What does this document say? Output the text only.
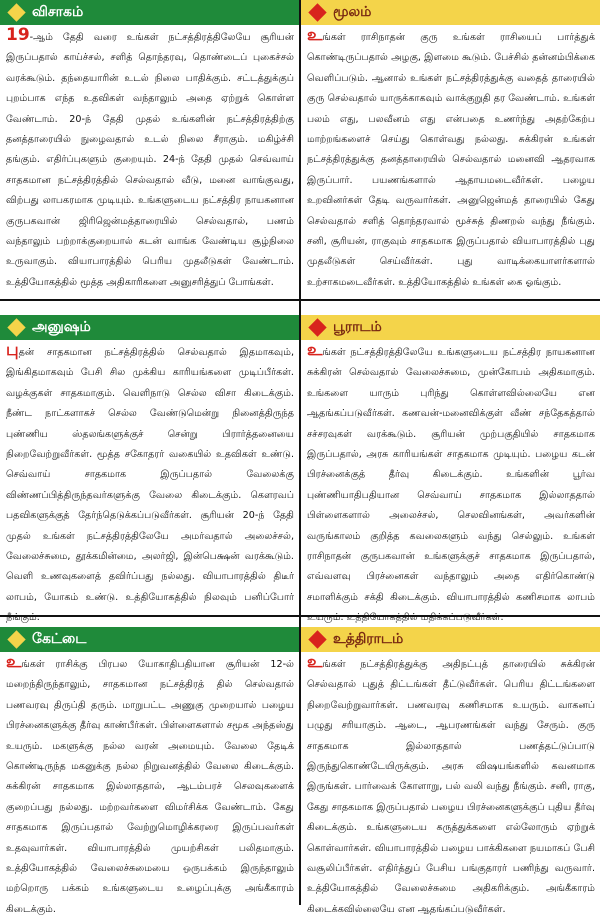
விசாகம்
19-ஆம் தேதி வரை உங்கள் நட்சத்திரத்திலேயே சூரியன் இருப்பதால் காய்ச்சல், சளித் தொந்தரவு, தொண்டைப் புகைச்சல் வரக்கூடும். தந்தையாரின் உடல் நிலை பாதிக்கும். சட்டத்துக்குப் புறம்பாக எந்த உதவிகள் வந்தாலும் அதை ஏற்றுக் கொள்ள வேண்டாம். 20-ந் தேதி முதல் உங்களின் நட்சத்திரத்திற்கு தனத்தாரையில் நுழைவதால் உடல் நிலை சீராகும். மகிழ்ச்சி தங்கும். எதிர்ப்புகளும் குறையும். 24-ந் தேதி முதல் செவ்வாய் சாதகமான நட்சத்திரத்தில் செல்வதால் வீடு, மனை வாங்குவது, விற்பது லாபகரமாக முடியும். உங்களுடைய நட்சத்திர நாயகனான குருபகவான் ஜிரிஜென்மத்தாரையில் செல்வதால், பணம் வந்தாலும் பற்றாக்குறையால் கடன் வாங்க வேண்டிய சூழ்நிலை உருவாகும். வியாபாரத்தில் பெரிய முதலீடுகள் வேண்டாம். உத்தியோகத்தில் மூத்த அதிகாரிகளை அனுசரித்துப் போங்கள்.
மூலம்
உங்கள் ராசிநாதன் குரு உங்கள் ராசியைப் பார்த்துக் கொண்டிருப்பதால் அழகு, இளமை கூடும். பேச்சில் தன்னம்பிக்கை வெளிப்படும். ஆனால் உங்கள் நட்சத்திரத்துக்கு வதைத் தாரையில் குரு செல்வதால் யாருக்காகவும் வாக்குறுதி தர வேண்டாம். உங்கள் பலம் எது, பலவீனம் எது என்பதை உணர்ந்து அதற்கேற்ப மாற்றங்களைச் செய்து கொள்வது நல்லது. சுக்கிரன் உங்கள் நட்சத்திரத்துக்கு தனத்தாரையில் செல்வதால் மனைவி ஆதரவாக இருப்பார். பயணங்களால் ஆதாயமடைவீர்கள். பழைய உறவினர்கள் தேடி வருவார்கள். அனுஜென்மத் தாரையில் கேது செல்வதால் சளித் தொந்தரவால் மூச்சுத் திணறல் வந்து நீங்கும். சனி, சூரியன், ராகுவும் சாதகமாக இருப்பதால் வியாபாரத்தில் புது முதலீடுகள் செய்வீர்கள். புது வாடிக்கையாளர்களால் உற்சாகமடைவீர்கள். உத்தியோகத்தில் உங்கள் கை ஓங்கும்.
அனுஷம்
புதன் சாதகமான நட்சத்திரத்தில் செல்வதால் இதமாகவும், இங்கிதமாகவும் பேசி சில முக்கிய காரியங்களை முடிப்பீர்கள். வழக்குகள் சாதகமாகும். வெளிநாடு செல்ல விசா கிடைக்கும். நீண்ட நாட்களாகச் செல்ல வேண்டுமென்று நினைத்திருந்த புண்ணிய ஸ்தலங்களுக்குச் சென்று பிரார்த்தனையை நிறைவேற்றுவீர்கள். மூத்த சகோதரர் வகையில் உதவிகள் உண்டு. செவ்வாய் சாதகமாக இருப்பதால் வேலைக்கு விண்ணப்பித்திருந்தவர்களுக்கு வேலை கிடைக்கும். கௌரவப் பதவிகளுக்குத் தேர்ந்தெடுக்கப்படுவீர்கள். சூரியன் 20-ந் தேதி முதல் உங்கள் நட்சத்திரத்திலேயே அமர்வதால் அலைச்சல், வேலைச்சுமை, தூக்கமின்மை, அலர்ஜி, இன்பெக்ஷன் வரக்கூடும். வெளி உணவுகளைத் தவிர்ப்பது நல்லது. வியாபாரத்தில் திடீர் லாபம், யோகம் உண்டு. உத்தியோகத்தில் நிலவும் பனிப்போர் நீங்கும்.
பூராடம்
உங்கள் நட்சத்திரத்திலேயே உங்களுடைய நட்சத்திர நாயகனான சுக்கிரன் செல்வதால் வேலைச்சுமை, முன்கோபம் அதிகமாகும். உங்களை யாரும் புரிந்து கொள்ளவில்லையே என ஆதங்கப்படுவீர்கள். கணவன்-மனைவிக்குள் வீண் சந்தேகத்தால் சச்சரவுகள் வரக்கூடும். சூரியன் முற்பகுதியில் சாதகமாக இருப்பதால், அரசு காரியங்கள் சாதகமாக முடியும். பழைய கடன் பிரச்னைக்குத் தீர்வு கிடைக்கும். உங்களின் பூர்வ புண்ணியாதிபதியான செவ்வாய் சாதகமாக இல்லாததால் பிள்ளைகளால் அலைச்சல், செலவினங்கள், அவர்களின் வருங்காலம் குறித்த கவலைகளும் வந்து செல்லும். உங்கள் ராசிநாதன் குருபகவான் உங்களுக்குச் சாதகமாக இருப்பதால், எவ்வளவு பிரச்னைகள் வந்தாலும் அதை எதிர்கொண்டு சமாளிக்கும் சக்தி கிடைக்கும். வியாபாரத்தில் கணிசமாக லாபம் உயரும். உத்தியோகத்தில் மதிக்கப்படுவீர்கள்.
கேட்டை
உங்கள் ராசிக்கு பிரபல யோகாதிபதியான சூரியன் 12-ல் மறைந்திருந்தாலும், சாதகமான நட்சத்திரத் தில் செல்வதால் பணவரவு திருப்தி தரும். மாறுபட்ட அணுகு முறையால் பழைய பிரச்னைகளுக்கு தீர்வு காண்பீர்கள். பிள்ளைகளால் சமூக அந்தஸ்து உயரும். மகளுக்கு நல்ல வரன் அமையும். வேலை தேடிக் கொண்டிருந்த மகனுக்கு நல்ல நிறுவனத்தில் வேலை கிடைக்கும். சுக்கிரன் சாதகமாக இல்லாததால், ஆடம்பரச் செலவுகளைக் குறைப்பது நல்லது. மற்றவர்களை விமர்சிக்க வேண்டாம். கேது சாதகமாக இருப்பதால் வேற்றுமொழிக்கரரை இருப்பவர்கள் உதவுவார்கள். வியாபாரத்தில் முயற்சிகள் பலிதமாகும். உத்தியோகத்தில் வேலைச்சுமையை ஒருபக்கம் இருந்தாலும் மற்றொரு பக்கம் உங்களுடைய உழைப்புக்கு அங்கீகாரம் கிடைக்கும்.
உத்திராடம்
உங்கள் நட்சத்திரத்துக்கு அதிநட்புத் தாரையில் சுக்கிரன் செல்வதால் புதுத் திட்டங்கள் தீட்டுவீர்கள். பெரிய திட்டங்களை நிறைவேற்றுவார்கள். பணவரவு கணிசமாக உயரும். வாகனப் பழுது சரியாகும். ஆடை, ஆபரணங்கள் வந்து சேரும். குரு சாதகமாக இல்லாததால் பணத்தட்டுப்பாடு இருந்துகொண்டேயிருக்கும். அரசு விஷயங்களில் கவனமாக இருங்கள். பார்வைக் கோளாறு, பல் வலி வந்து நீங்கும். சனி, ராகு, கேது சாதகமாக இருப்பதால் பழைய பிரச்னைகளுக்குப் புதிய தீர்வு கிடைக்கும். உங்களுடைய கருத்துக்களை எல்லோரும் ஏற்றுக் கொள்வார்கள். வியாபாரத்தில் பழைய பாக்கிகளை நயமாகப் பேசி வசூலிப்பீர்கள். எதிர்த்துப் பேசிய பங்குதாரர் பணிந்து வருவார். உத்தியோகத்தில் வேலைச்சுமை அதிகரிக்கும். அங்கீகாரம் கிடைக்கவில்லையே என ஆதங்கப்படுவீர்கள்.
